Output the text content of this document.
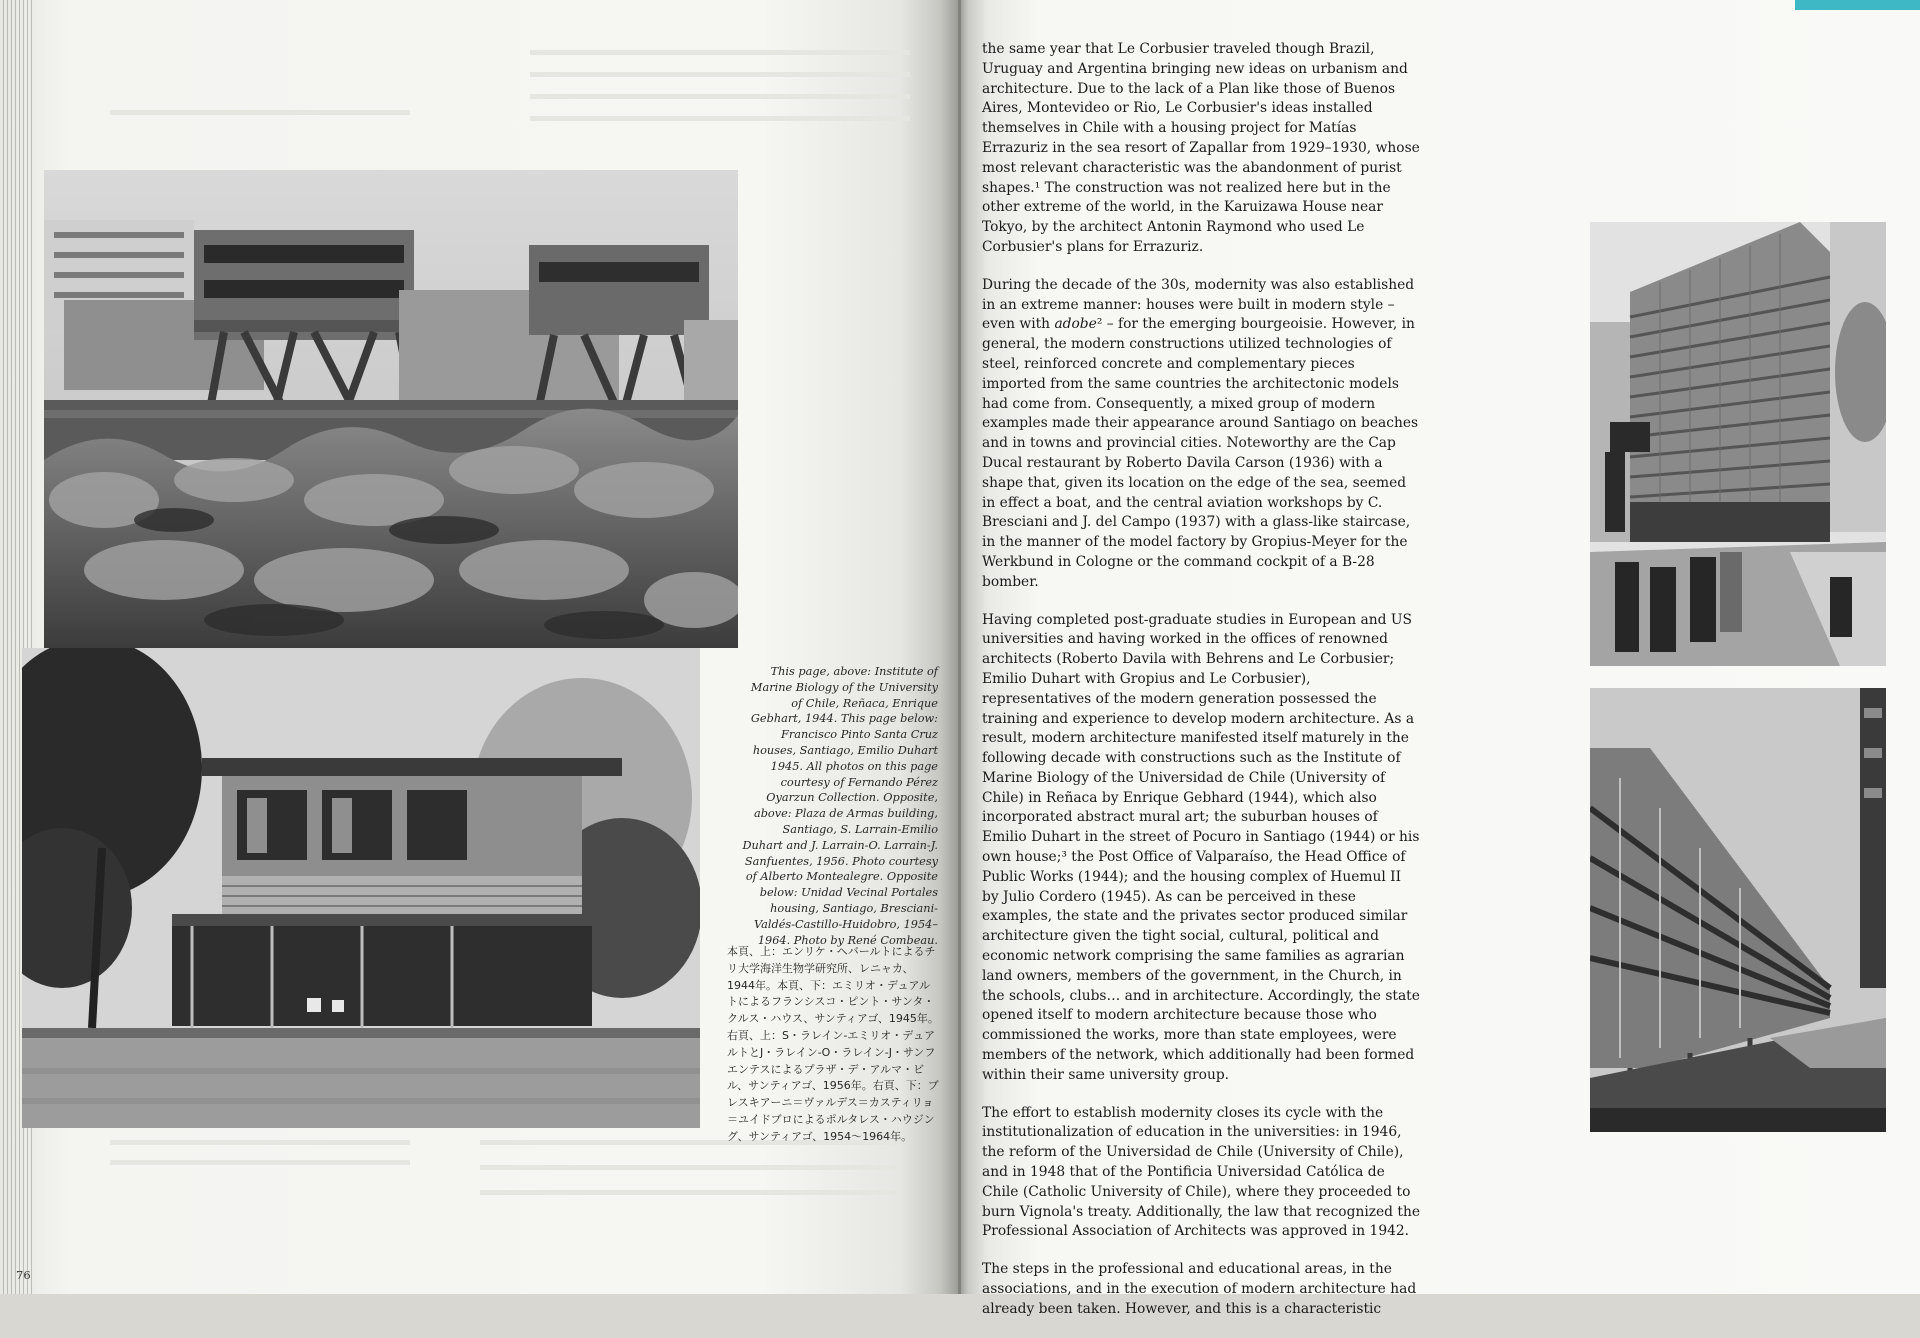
This page, above: Institute of Marine Biology of the University of Chile, Reñaca, Enrique Gebhart, 1944. This page below: Francisco Pinto Santa Cruz houses, Santiago, Emilio Duhart 1945. All photos on this page courtesy of Fernando Pérez Oyarzun Collection. Opposite, above: Plaza de Armas building, Santiago, S. Larrain-Emilio Duhart and J. Larrain-O. Larrain-J. Sanfuentes, 1956. Photo courtesy of Alberto Montealegre. Opposite below: Unidad Vecinal Portales housing, Santiago, Bresciani-Valdés-Castillo-Huidobro, 1954–1964. Photo by René Combeau.
本頁、上：エンリケ・ヘバールトによるチリ大学海洋生物学研究所、レニャカ、1944年。本頁、下：エミリオ・デュアルトによるフランシスコ・ピント・サンタ・クルス・ハウス、サンティアゴ、1945年。右頁、上：S・ラレイン-エミリオ・デュアルトとJ・ラレイン-O・ラレイン-J・サンフエンテスによるプラザ・デ・アルマ・ビル、サンティアゴ、1956年。右頁、下：ブレスキアーニ＝ヴァルデス＝カスティリョ＝ユイドブロによるポルタレス・ハウジング、サンティアゴ、1954〜1964年。
76

the same year that Le Corbusier traveled though Brazil, Uruguay and Argentina bringing new ideas on urbanism and architecture. Due to the lack of a Plan like those of Buenos Aires, Montevideo or Rio, Le Corbusier's ideas installed themselves in Chile with a housing project for Matías Errazuriz in the sea resort of Zapallar from 1929–1930, whose most relevant characteristic was the abandonment of purist shapes.¹ The construction was not realized here but in the other extreme of the world, in the Karuizawa House near Tokyo, by the architect Antonin Raymond who used Le Corbusier's plans for Errazuriz.

During the decade of the 30s, modernity was also established in an extreme manner: houses were built in modern style – even with adobe² – for the emerging bourgeoisie. However, in general, the modern constructions utilized technologies of steel, reinforced concrete and complementary pieces imported from the same countries the architectonic models had come from. Consequently, a mixed group of modern examples made their appearance around Santiago on beaches and in towns and provincial cities. Noteworthy are the Cap Ducal restaurant by Roberto Davila Carson (1936) with a shape that, given its location on the edge of the sea, seemed in effect a boat, and the central aviation workshops by C. Bresciani and J. del Campo (1937) with a glass-like staircase, in the manner of the model factory by Gropius-Meyer for the Werkbund in Cologne or the command cockpit of a B-28 bomber.

Having completed post-graduate studies in European and US universities and having worked in the offices of renowned architects (Roberto Davila with Behrens and Le Corbusier; Emilio Duhart with Gropius and Le Corbusier), representatives of the modern generation possessed the training and experience to develop modern architecture. As a result, modern architecture manifested itself maturely in the following decade with constructions such as the Institute of Marine Biology of the Universidad de Chile (University of Chile) in Reñaca by Enrique Gebhard (1944), which also incorporated abstract mural art; the suburban houses of Emilio Duhart in the street of Pocuro in Santiago (1944) or his own house;³ the Post Office of Valparaíso, the Head Office of Public Works (1944); and the housing complex of Huemul II by Julio Cordero (1945). As can be perceived in these examples, the state and the privates sector produced similar architecture given the tight social, cultural, political and economic network comprising the same families as agrarian land owners, members of the government, in the Church, in the schools, clubs… and in architecture. Accordingly, the state opened itself to modern architecture because those who commissioned the works, more than state employees, were members of the network, which additionally had been formed within their same university group.

The effort to establish modernity closes its cycle with the institutionalization of education in the universities: in 1946, the reform of the Universidad de Chile (University of Chile), and in 1948 that of the Pontificia Universidad Católica de Chile (Catholic University of Chile), where they proceeded to burn Vignola's treaty. Additionally, the law that recognized the Professional Association of Architects was approved in 1942.

The steps in the professional and educational areas, in the associations, and in the execution of modern architecture had already been taken. However, and this is a characteristic
